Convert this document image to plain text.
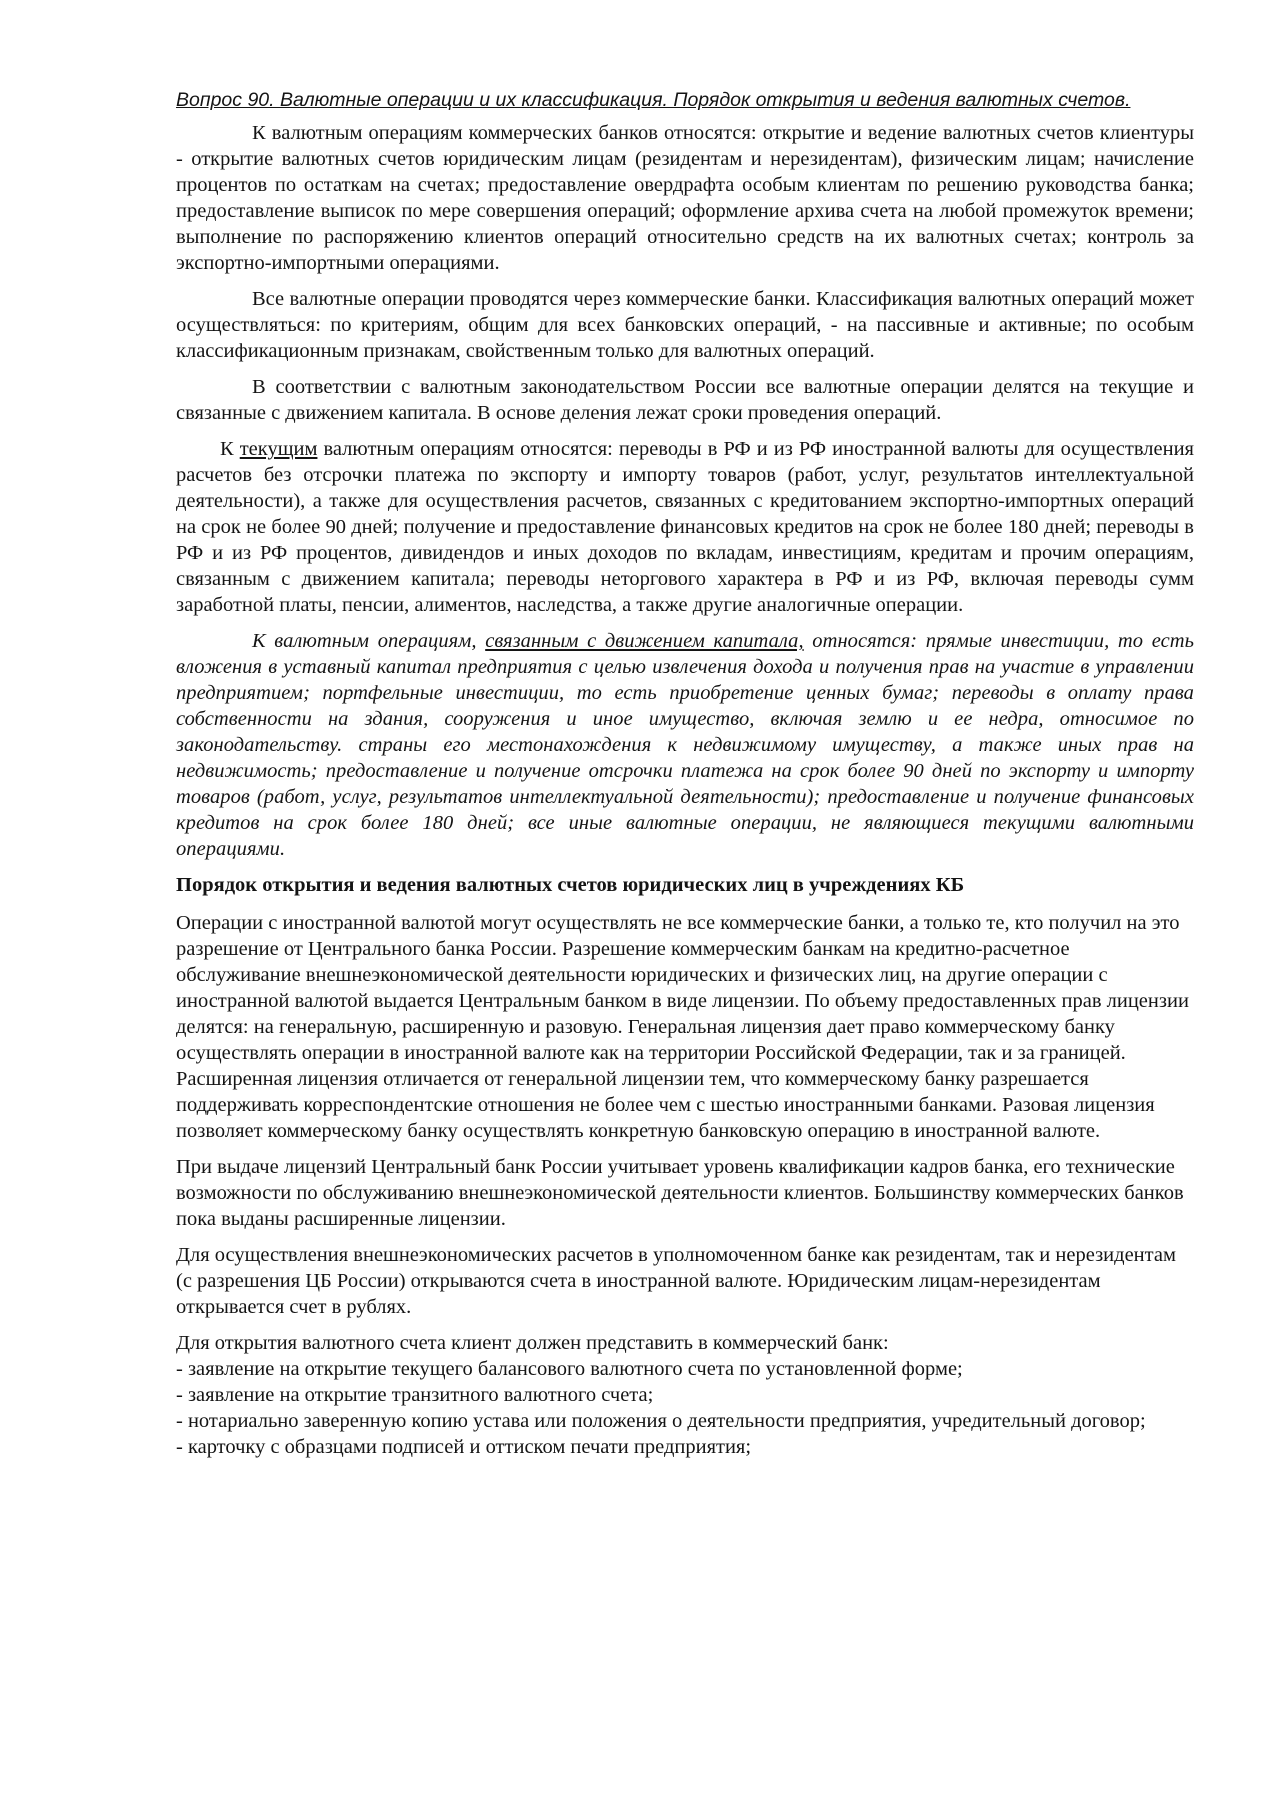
Вопрос 90. Валютные операции и их классификация. Порядок открытия и ведения валютных счетов.

К валютным операциям коммерческих банков относятся: открытие и ведение валютных счетов клиентуры - открытие валютных счетов юридическим лицам (резидентам и нерезидентам), физическим лицам; начисление процентов по остаткам на счетах; предоставление овердрафта особым клиентам по решению руководства банка; предоставление выписок по мере совершения операций; оформление архива счета на любой промежуток времени; выполнение по распоряжению клиентов операций относительно средств на их валютных счетах; контроль за экспортно-импортными операциями.

Все валютные операции проводятся через коммерческие банки. Классификация валютных операций может осуществляться: по критериям, общим для всех банковских операций, - на пассивные и активные; по особым классификационным признакам, свойственным только для валютных операций.

В соответствии с валютным законодательством России все валютные операции делятся на текущие и связанные с движением капитала. В основе деления лежат сроки проведения операций.

К текущим валютным операциям относятся: переводы в РФ и из РФ иностранной валюты для осуществления расчетов без отсрочки платежа по экспорту и импорту товаров (работ, услуг, результатов интеллектуальной деятельности), а также для осуществления расчетов, связанных с кредитованием экспортно-импортных операций на срок не более 90 дней; получение и предоставление финансовых кредитов на срок не более 180 дней; переводы в РФ и из РФ процентов, дивидендов и иных доходов по вкладам, инвестициям, кредитам и прочим операциям, связанным с движением капитала; переводы неторгового характера в РФ и из РФ, включая переводы сумм заработной платы, пенсии, алиментов, наследства, а также другие аналогичные операции.

К валютным операциям, связанным с движением капитала, относятся: прямые инвестиции, то есть вложения в уставный капитал предприятия с целью извлечения дохода и получения прав на участие в управлении предприятием; портфельные инвестиции, то есть приобретение ценных бумаг; переводы в оплату права собственности на здания, сооружения и иное имущество, включая землю и ее недра, относимое по законодательству. страны его местонахождения к недвижимому имуществу, а также иных прав на недвижимость; предоставление и получение отсрочки платежа на срок более 90 дней по экспорту и импорту товаров (работ, услуг, результатов интеллектуальной деятельности); предоставление и получение финансовых кредитов на срок более 180 дней; все иные валютные операции, не являющиеся текущими валютными операциями.

Порядок открытия и ведения валютных счетов юридических лиц в учреждениях КБ

Операции с иностранной валютой могут осуществлять не все коммерческие банки, а только те, кто получил на это разрешение от Центрального банка России. Разрешение коммерческим банкам на кредитно-расчетное обслуживание внешнеэкономической деятельности юридических и физических лиц, на другие операции с иностранной валютой выдается Центральным банком в виде лицензии. По объему предоставленных прав лицензии делятся: на генеральную, расширенную и разовую. Генеральная лицензия дает право коммерческому банку осуществлять операции в иностранной валюте как на территории Российской Федерации, так и за границей. Расширенная лицензия отличается от генеральной лицензии тем, что коммерческому банку разрешается поддерживать корреспондентские отношения не более чем с шестью иностранными банками. Разовая лицензия позволяет коммерческому банку осуществлять конкретную банковскую операцию в иностранной валюте.

При выдаче лицензий Центральный банк России учитывает уровень квалификации кадров банка, его технические возможности по обслуживанию внешнеэкономической деятельности клиентов. Большинству коммерческих банков пока выданы расширенные лицензии.

Для осуществления внешнеэкономических расчетов в уполномоченном банке как резидентам, так и нерезидентам (с разрешения ЦБ России) открываются счета в иностранной валюте. Юридическим лицам-нерезидентам открывается счет в рублях.

Для открытия валютного счета клиент должен представить в коммерческий банк:
- заявление на открытие текущего балансового валютного счета по установленной форме;
- заявление на открытие транзитного валютного счета;
- нотариально заверенную копию устава или положения о деятельности предприятия, учредительный договор;
- карточку с образцами подписей и оттиском печати предприятия;
